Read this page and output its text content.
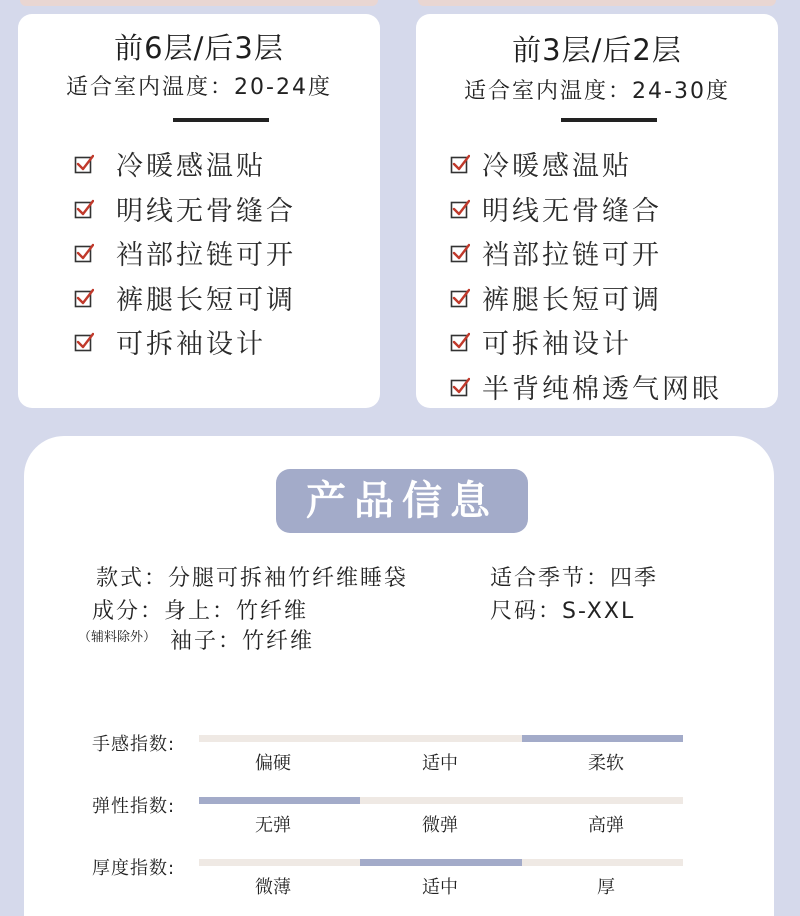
前6层/后3层
适合室内温度：20-24度
冷暖感温贴
明线无骨缝合
裆部拉链可开
裤腿长短可调
可拆袖设计
前3层/后2层
适合室内温度：24-30度
冷暖感温贴
明线无骨缝合
裆部拉链可开
裤腿长短可调
可拆袖设计
半背纯棉透气网眼
产品信息
款式：分腿可拆袖竹纤维睡袋	适合季节：四季
成分：身上：竹纤维	尺码：S-XXL
（辅料除外） 袖子：竹纤维
手感指数:
偏硬	适中	柔软
弹性指数:
无弹	微弹	高弹
厚度指数:
微薄	适中	厚
